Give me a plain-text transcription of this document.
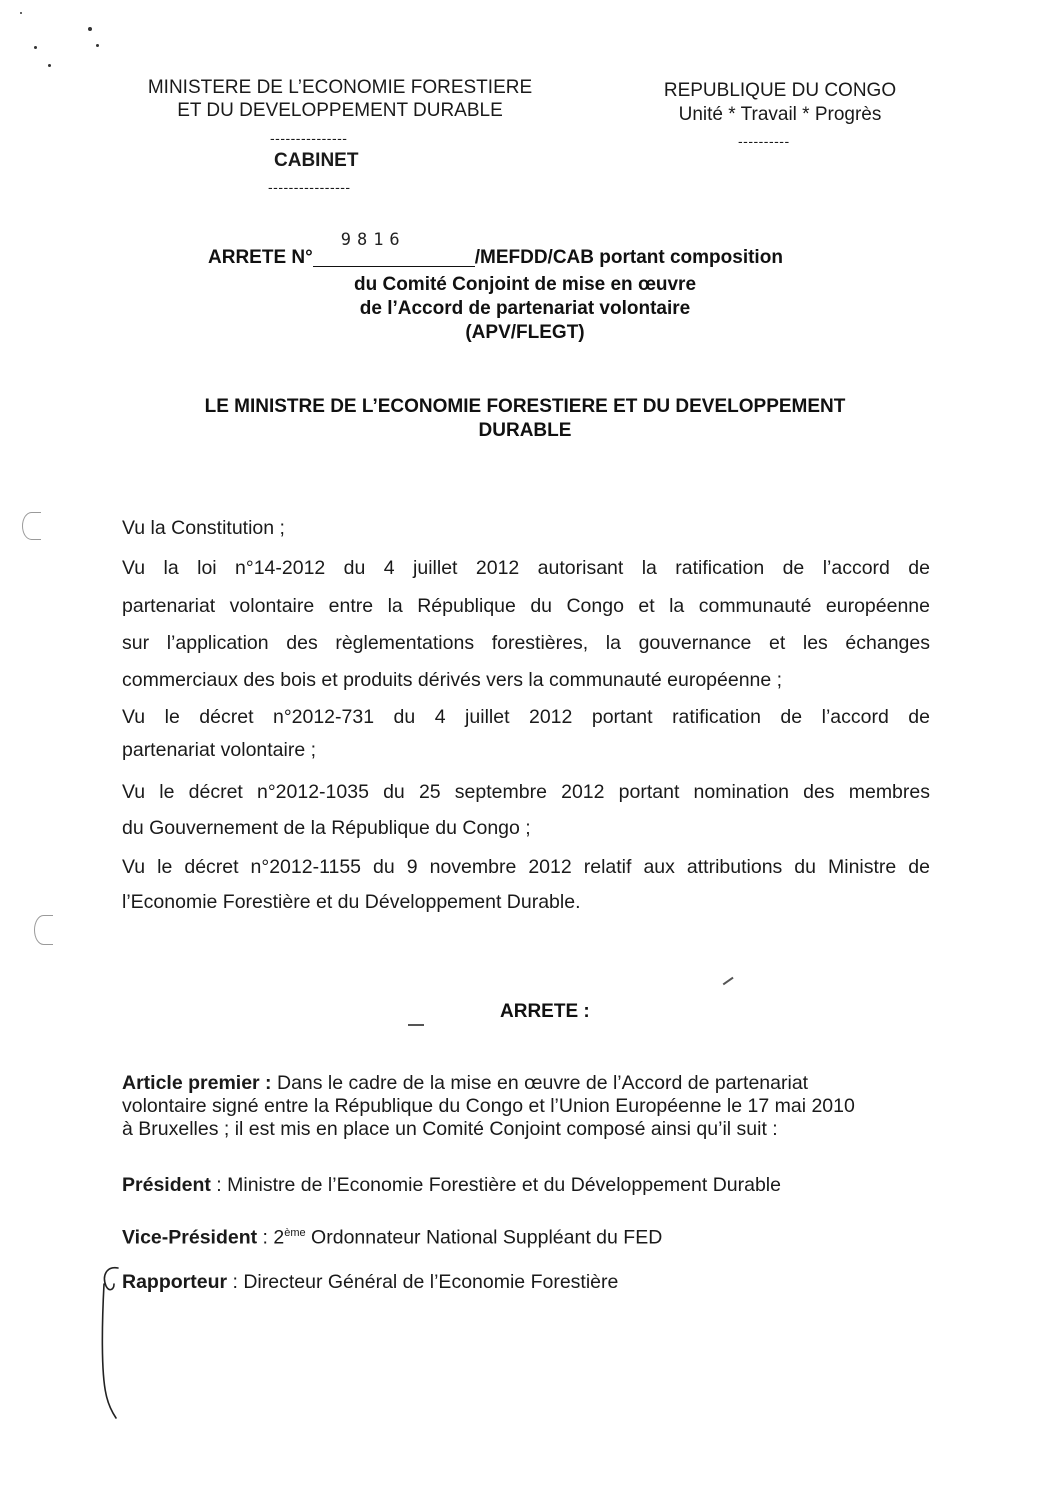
MINISTERE DE L’ECONOMIE FORESTIERE
ET DU DEVELOPPEMENT DURABLE
---------------
CABINET
----------------
REPUBLIQUE DU CONGO
Unité * Travail * Progrès
----------
ARRETE N°
9816
/MEFDD/CAB portant composition
du Comité Conjoint de mise en œuvre
de l’Accord de partenariat volontaire
(APV/FLEGT)
LE MINISTRE DE L’ECONOMIE FORESTIERE ET DU DEVELOPPEMENT
DURABLE
Vu la Constitution ;
Vu la loi n°14-2012 du 4 juillet 2012 autorisant la ratification de l’accord de
partenariat volontaire entre la République du Congo et la communauté européenne
sur l’application des règlementations forestières, la gouvernance et les échanges
commerciaux des bois et produits dérivés vers la communauté européenne ;
Vu le décret n°2012-731 du 4 juillet 2012 portant ratification de l’accord de
partenariat volontaire ;
Vu le décret n°2012-1035 du 25 septembre 2012 portant nomination des membres
du Gouvernement de la République du Congo ;
Vu le décret n°2012-1155 du 9 novembre 2012 relatif aux attributions du Ministre de
l’Economie Forestière et du Développement Durable.
ARRETE :
Article premier : Dans le cadre de la mise en œuvre de l’Accord de partenariat
volontaire signé entre la République du Congo et l’Union Européenne le 17 mai 2010
à Bruxelles ; il est mis en place un Comité Conjoint composé ainsi qu’il suit :
Président : Ministre de l’Economie Forestière et du Développement Durable
Vice-Président : 2ème Ordonnateur National Suppléant du FED
Rapporteur : Directeur Général de l’Economie Forestière
